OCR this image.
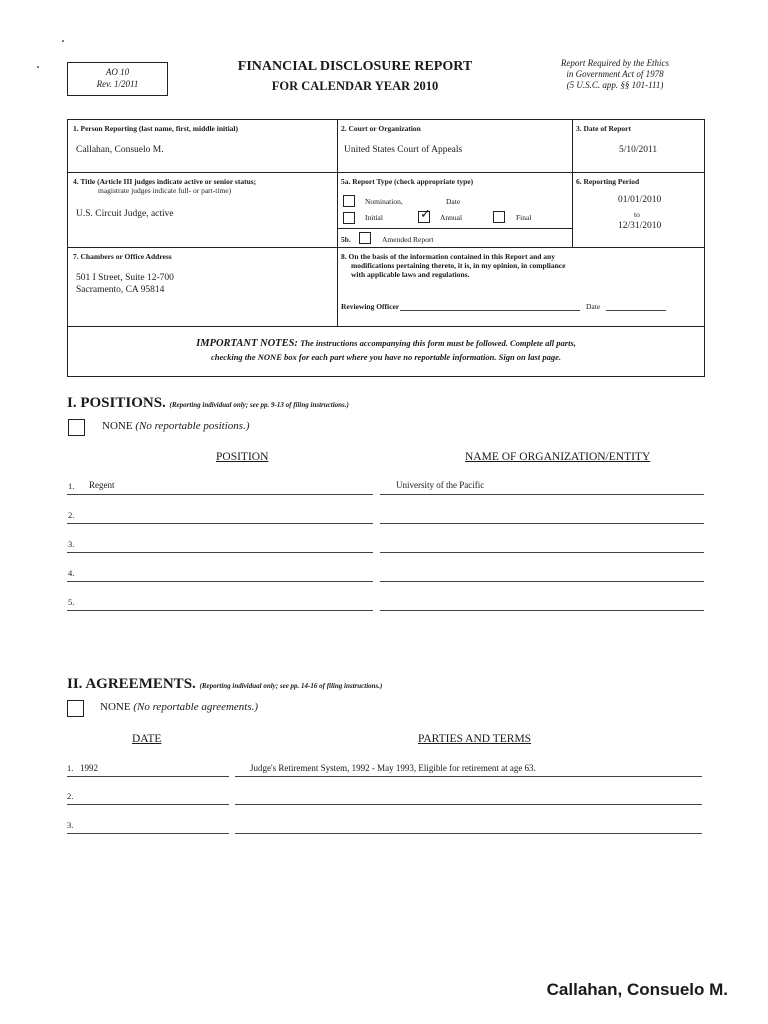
AO 10
Rev. 1/2011
FINANCIAL DISCLOSURE REPORT
FOR CALENDAR YEAR 2010
Report Required by the Ethics
in Government Act of 1978
(5 U.S.C. app. §§ 101-111)
1. Person Reporting (last name, first, middle initial)
Callahan, Consuelo M.
2. Court or Organization
United States Court of Appeals
3. Date of Report
5/10/2011
4. Title (Article III judges indicate active or senior status;
magistrate judges indicate full- or part-time)
U.S. Circuit Judge, active
5a. Report Type (check appropriate type)
Nomination,	Date
Initial	✓ Annual	Final
5b.	Amended Report
6. Reporting Period
01/01/2010
to
12/31/2010
7. Chambers or Office Address
501 I Street, Suite 12-700
Sacramento, CA 95814
8. On the basis of the information contained in this Report and any
modifications pertaining thereto, it is, in my opinion, in compliance
with applicable laws and regulations.
Reviewing Officer	Date
IMPORTANT NOTES: The instructions accompanying this form must be followed. Complete all parts,
checking the NONE box for each part where you have no reportable information. Sign on last page.
I. POSITIONS. (Reporting individual only; see pp. 9-13 of filing instructions.)
NONE (No reportable positions.)
POSITION	NAME OF ORGANIZATION/ENTITY
1. Regent	University of the Pacific
2.
3.
4.
5.
II. AGREEMENTS. (Reporting individual only; see pp. 14-16 of filing instructions.)
NONE (No reportable agreements.)
DATE	PARTIES AND TERMS
1. 1992	Judge's Retirement System, 1992 - May 1993, Eligible for retirement at age 63.
2.
3.
Callahan, Consuelo M.
